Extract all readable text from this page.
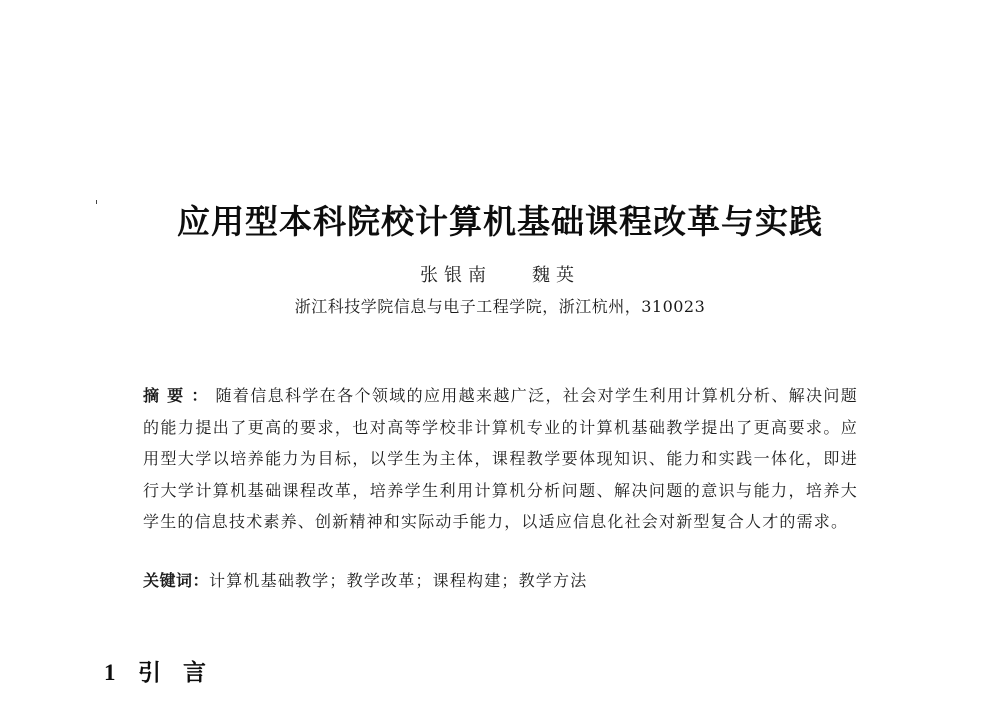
应用型本科院校计算机基础课程改革与实践
张银南 魏英
浙江科技学院信息与电子工程学院，浙江杭州，310023
摘要：随着信息科学在各个领域的应用越来越广泛，社会对学生利用计算机分析、解决问题的能力提出了更高的要求，也对高等学校非计算机专业的计算机基础教学提出了更高要求。应用型大学以培养能力为目标，以学生为主体，课程教学要体现知识、能力和实践一体化，即进行大学计算机基础课程改革，培养学生利用计算机分析问题、解决问题的意识与能力，培养大学生的信息技术素养、创新精神和实际动手能力，以适应信息化社会对新型复合人才的需求。
关键词：计算机基础教学；教学改革；课程构建；教学方法
1 引言
